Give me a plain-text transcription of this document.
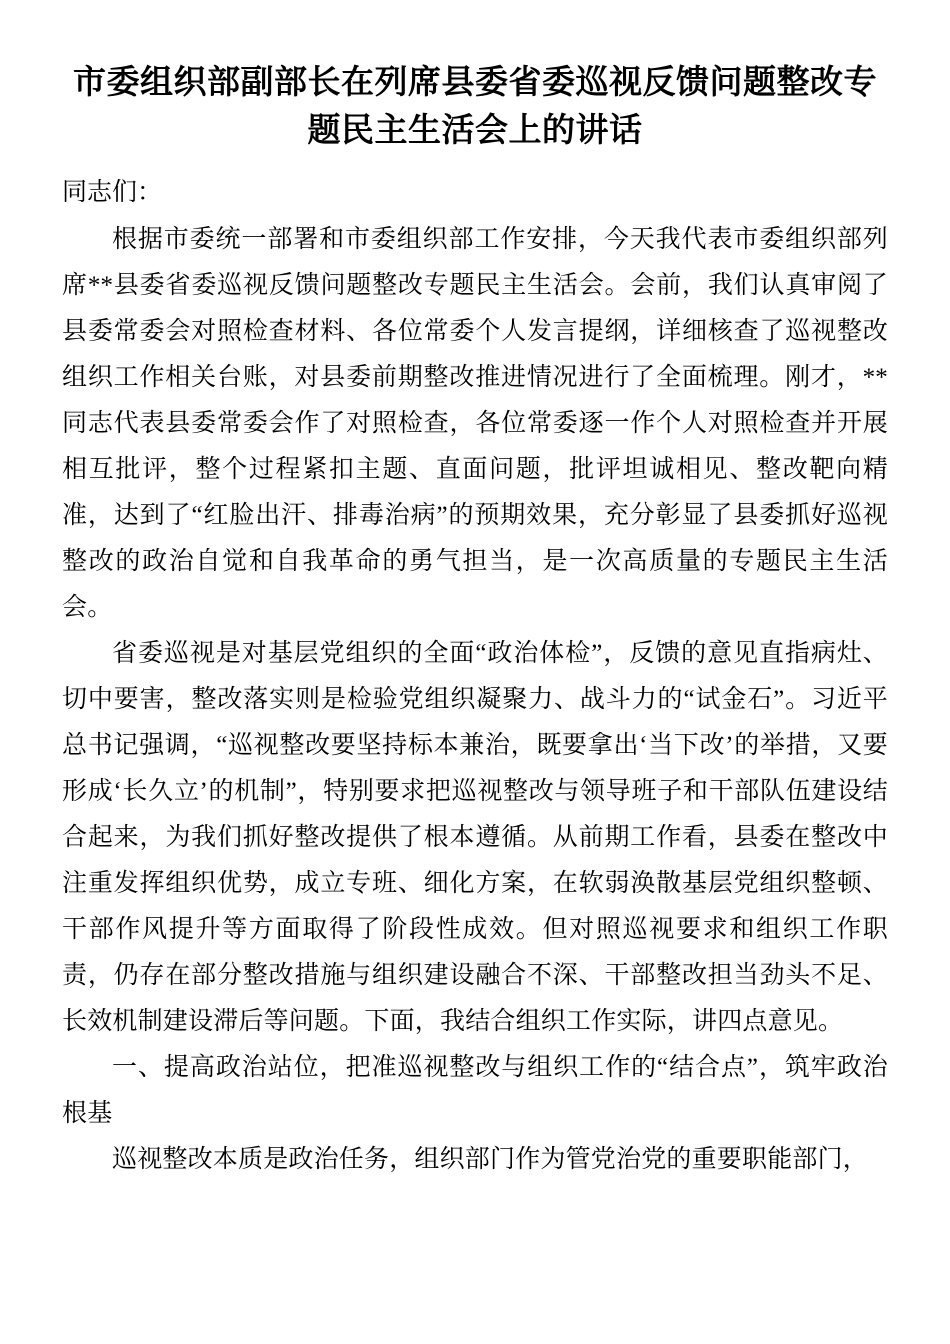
市委组织部副部长在列席县委省委巡视反馈问题整改专题民主生活会上的讲话
同志们：

根据市委统一部署和市委组织部工作安排，今天我代表市委组织部列席**县委省委巡视反馈问题整改专题民主生活会。会前，我们认真审阅了县委常委会对照检查材料、各位常委个人发言提纲，详细核查了巡视整改组织工作相关台账，对县委前期整改推进情况进行了全面梳理。刚才，**同志代表县委常委会作了对照检查，各位常委逐一作个人对照检查并开展相互批评，整个过程紧扣主题、直面问题，批评坦诚相见、整改靶向精准，达到了“红脸出汗、排毒治病”的预期效果，充分彰显了县委抓好巡视整改的政治自觉和自我革命的勇气担当，是一次高质量的专题民主生活会。

省委巡视是对基层党组织的全面“政治体检”，反馈的意见直指病灶、切中要害，整改落实则是检验党组织凝聚力、战斗力的“试金石”。习近平总书记强调，“巡视整改要坚持标本兼治，既要拿出‘当下改’的举措，又要形成‘长久立’的机制”，特别要求把巡视整改与领导班子和干部队伍建设结合起来，为我们抓好整改提供了根本遵循。从前期工作看，县委在整改中注重发挥组织优势，成立专班、细化方案，在软弱涣散基层党组织整顿、干部作风提升等方面取得了阶段性成效。但对照巡视要求和组织工作职责，仍存在部分整改措施与组织建设融合不深、干部整改担当劲头不足、长效机制建设滞后等问题。下面，我结合组织工作实际，讲四点意见。

一、提高政治站位，把准巡视整改与组织工作的“结合点”，筑牢政治根基

巡视整改本质是政治任务，组织部门作为管党治党的重要职能部门，
